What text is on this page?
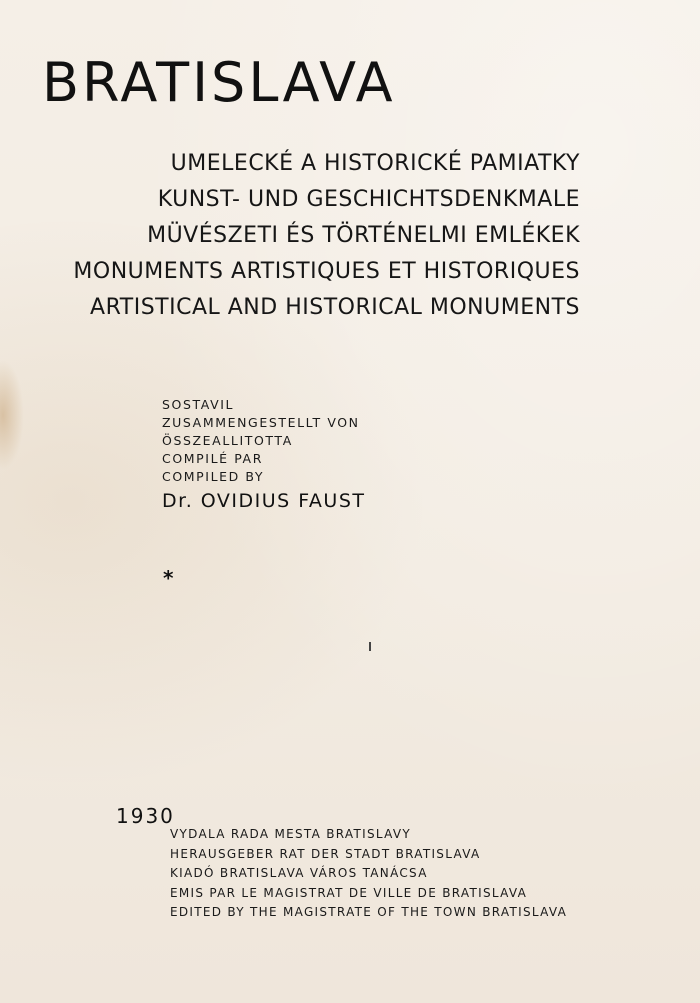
BRATISLAVA
UMELECKÉ A HISTORICKÉ PAMIATKY
KUNST- UND GESCHICHTSDENKMALE
MÜVÉSZETI ÉS TÖRTÉNELMI EMLÉKEK
MONUMENTS ARTISTIQUES ET HISTORIQUES
ARTISTICAL AND HISTORICAL MONUMENTS
SOSTAVIL
ZUSAMMENGESTELLT VON
ÖSSZEALLITOTTA
COMPILÉ PAR
COMPILED BY
Dr. OVIDIUS FAUST
*
1930
VYDALA RADA MESTA BRATISLAVY
HERAUSGEBER RAT DER STADT BRATISLAVA
KIADÓ BRATISLAVA VÁROS TANÁCSA
EMIS PAR LE MAGISTRAT DE VILLE DE BRATISLAVA
EDITED BY THE MAGISTRATE OF THE TOWN BRATISLAVA
